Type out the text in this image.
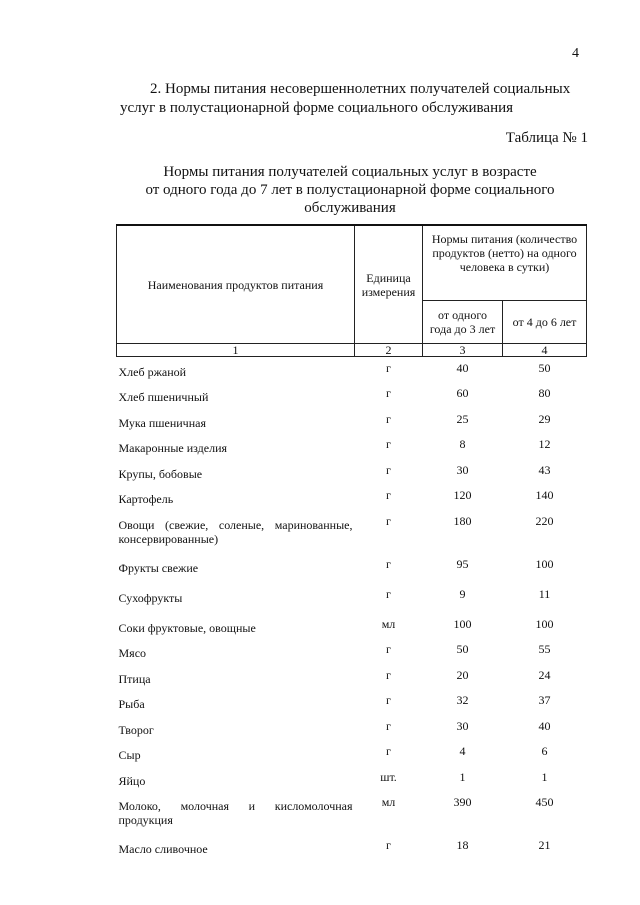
4
2. Нормы питания несовершеннолетних получателей социальных
услуг в полустационарной форме социального обслуживания
Таблица № 1
Нормы питания получателей социальных услуг в возрасте
от одного года до 7 лет в полустационарной форме социального
обслуживания
Наименования продуктов питания	Единица измерения	Нормы питания (количество продуктов (нетто) на одного человека в сутки)	
		от одного года до 3 лет	от 4 до 6 лет
1	2	3	4
Хлеб ржаной	г	40	50
Хлеб пшеничный	г	60	80
Мука пшеничная	г	25	29
Макаронные изделия	г	8	12
Крупы, бобовые	г	30	43
Картофель	г	120	140
Овощи (свежие, соленые, маринованные, консервированные)	г	180	220
Фрукты свежие	г	95	100
Сухофрукты	г	9	11
Соки фруктовые, овощные	мл	100	100
Мясо	г	50	55
Птица	г	20	24
Рыба	г	32	37
Творог	г	30	40
Сыр	г	4	6
Яйцо	шт.	1	1
Молоко, молочная и кисломолочная продукция	мл	390	450
Масло сливочное	г	18	21
